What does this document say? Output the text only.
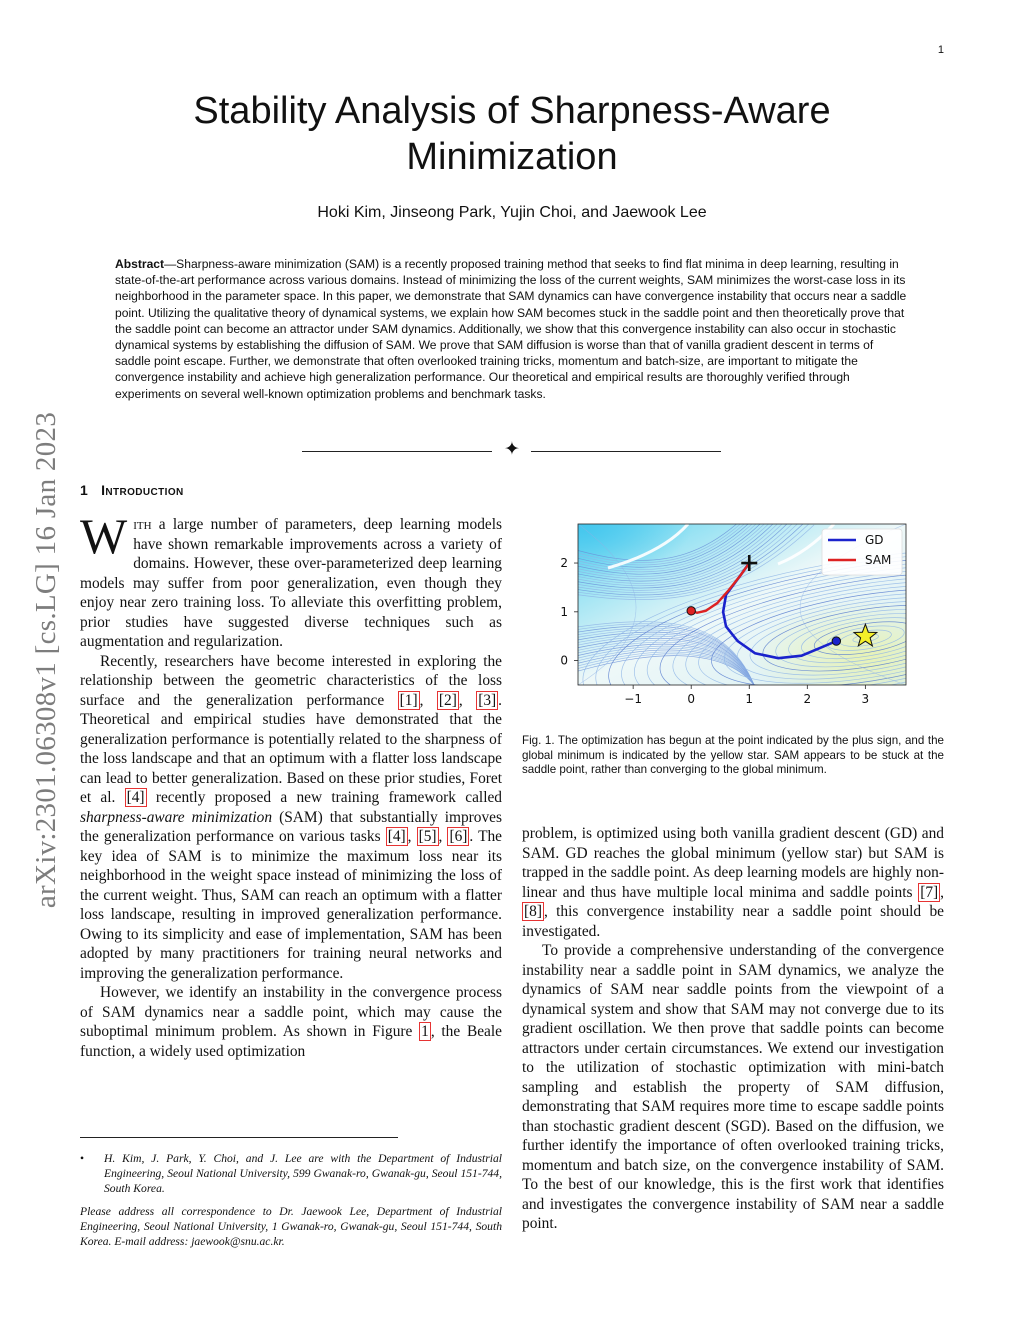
1
arXiv:2301.06308v1 [cs.LG] 16 Jan 2023
Stability Analysis of Sharpness-Aware Minimization
Hoki Kim, Jinseong Park, Yujin Choi, and Jaewook Lee
Abstract—Sharpness-aware minimization (SAM) is a recently proposed training method that seeks to find flat minima in deep learning, resulting in state-of-the-art performance across various domains. Instead of minimizing the loss of the current weights, SAM minimizes the worst-case loss in its neighborhood in the parameter space. In this paper, we demonstrate that SAM dynamics can have convergence instability that occurs near a saddle point. Utilizing the qualitative theory of dynamical systems, we explain how SAM becomes stuck in the saddle point and then theoretically prove that the saddle point can become an attractor under SAM dynamics. Additionally, we show that this convergence instability can also occur in stochastic dynamical systems by establishing the diffusion of SAM. We prove that SAM diffusion is worse than that of vanilla gradient descent in terms of saddle point escape. Further, we demonstrate that often overlooked training tricks, momentum and batch-size, are important to mitigate the convergence instability and achieve high generalization performance. Our theoretical and empirical results are thoroughly verified through experiments on several well-known optimization problems and benchmark tasks.
✦
1 Introduction

With a large number of parameters, deep learning models have shown remarkable improvements across a variety of domains. However, these over-parameterized deep learning models may suffer from poor generalization, even though they enjoy near zero training loss. To alleviate this overfitting problem, prior studies have suggested diverse techniques such as augmentation and regularization.

Recently, researchers have become interested in exploring the relationship between the geometric characteristics of the loss surface and the generalization performance [1] , [2] , [3] . Theoretical and empirical studies have demonstrated that the generalization performance is potentially related to the sharpness of the loss landscape and that an optimum with a flatter loss landscape can lead to better generalization. Based on these prior studies, Foret et al. [4] recently proposed a new training framework called sharpness-aware minimization (SAM) that substantially improves the generalization performance on various tasks [4] , [5] , [6] . The key idea of SAM is to minimize the maximum loss near its neighborhood in the weight space instead of minimizing the loss of the current weight. Thus, SAM can reach an optimum with a flatter loss landscape, resulting in improved generalization performance. Owing to its simplicity and ease of implementation, SAM has been adopted by many practitioners for training neural networks and improving the generalization performance.

However, we identify an instability in the convergence process of SAM dynamics near a saddle point, which may cause the suboptimal minimum problem. As shown in Figure 1 , the Beale function, a widely used optimization

• H. Kim, J. Park, Y. Choi, and J. Lee are with the Department of Industrial Engineering, Seoul National University, 599 Gwanak-ro, Gwanak-gu, Seoul 151-744, South Korea.
Please address all correspondence to Dr. Jaewook Lee, Department of Industrial Engineering, Seoul National University, 1 Gwanak-ro, Gwanak-gu, Seoul 151-744, South Korea. E-mail address: jaewook@snu.ac.kr.
0
1
2
−1	0	1	2	3
GD
SAM
Fig. 1. The optimization has begun at the point indicated by the plus sign, and the global minimum is indicated by the yellow star. SAM appears to be stuck at the saddle point, rather than converging to the global minimum.

problem, is optimized using both vanilla gradient descent (GD) and SAM. GD reaches the global minimum (yellow star) but SAM is trapped in the saddle point. As deep learning models are highly non-linear and thus have multiple local minima and saddle points [7] , [8] , this convergence instability near a saddle point should be investigated.

To provide a comprehensive understanding of the convergence instability near a saddle point in SAM dynamics, we analyze the dynamics of SAM near saddle points from the viewpoint of a dynamical system and show that SAM may not converge due to its gradient oscillation. We then prove that saddle points can become attractors under certain circumstances. We extend our investigation to the utilization of stochastic optimization with mini-batch sampling and establish the property of SAM diffusion, demonstrating that SAM requires more time to escape saddle points than stochastic gradient descent (SGD). Based on the diffusion, we further identify the importance of often overlooked training tricks, momentum and batch size, on the convergence instability of SAM. To the best of our knowledge, this is the first work that identifies and investigates the convergence instability of SAM near a saddle point.
